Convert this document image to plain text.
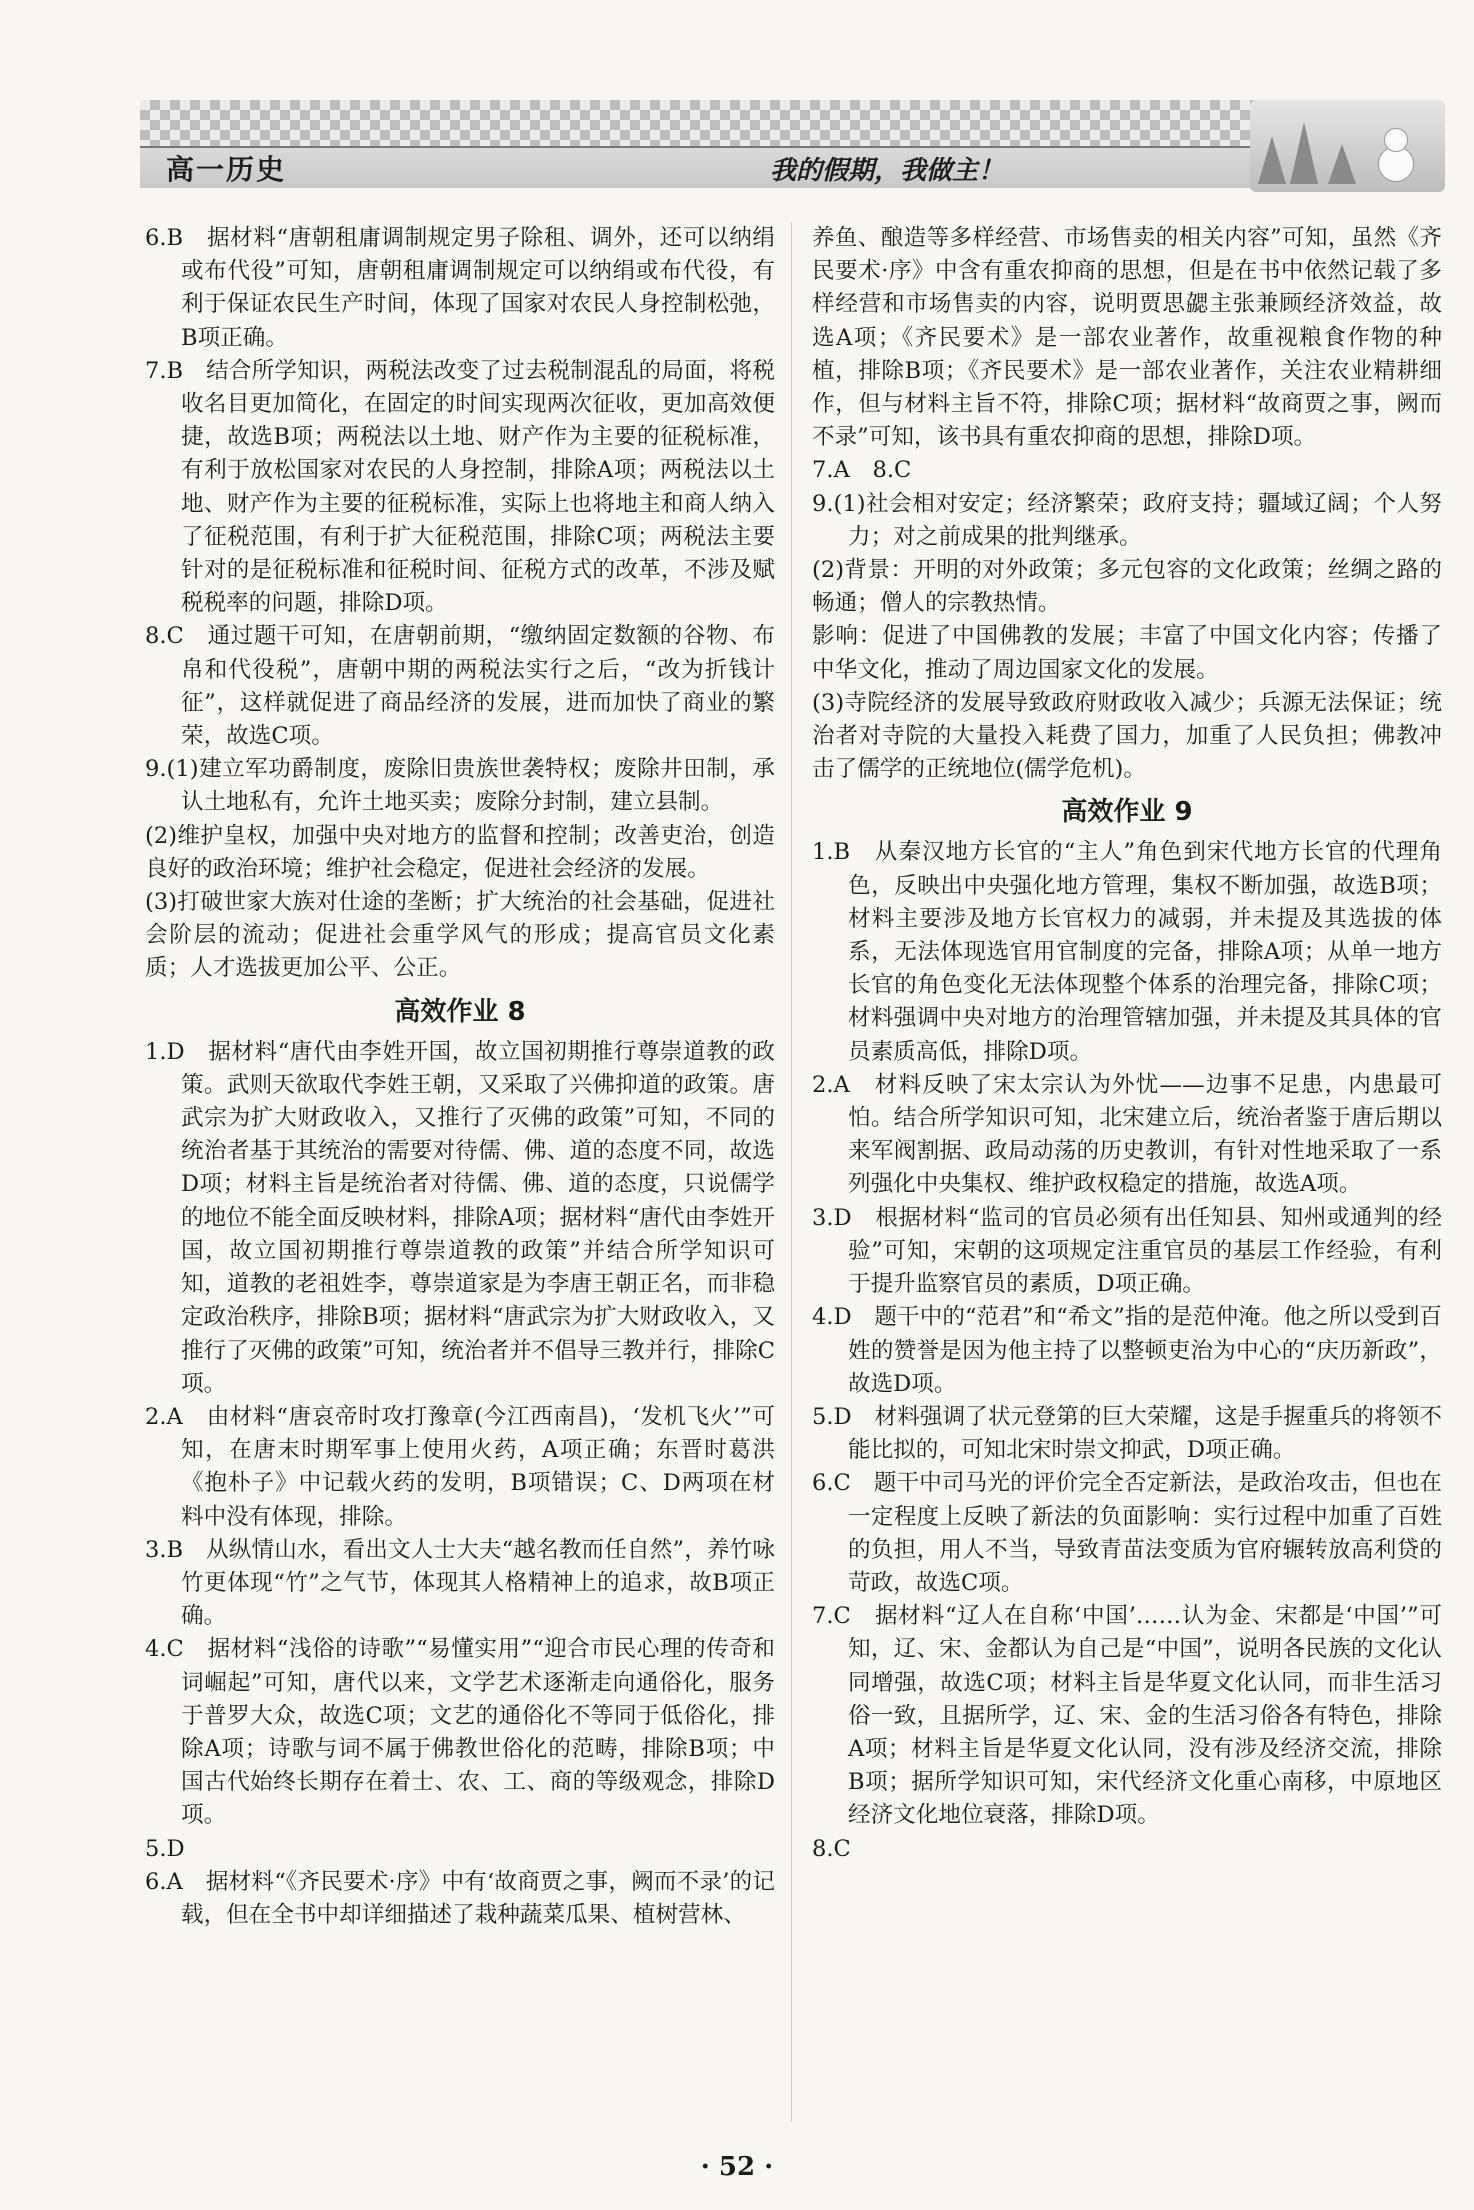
高一历史	我的假期，我做主！

6.B　据材料“唐朝租庸调制规定男子除租、调外，还可以纳绢或布代役”可知，唐朝租庸调制规定可以纳绢或布代役，有利于保证农民生产时间，体现了国家对农民人身控制松弛，B项正确。

7.B　结合所学知识，两税法改变了过去税制混乱的局面，将税收名目更加简化，在固定的时间实现两次征收，更加高效便捷，故选B项；两税法以土地、财产作为主要的征税标准，有利于放松国家对农民的人身控制，排除A项；两税法以土地、财产作为主要的征税标准，实际上也将地主和商人纳入了征税范围，有利于扩大征税范围，排除C项；两税法主要针对的是征税标准和征税时间、征税方式的改革，不涉及赋税税率的问题，排除D项。

8.C　通过题干可知，在唐朝前期，“缴纳固定数额的谷物、布帛和代役税”，唐朝中期的两税法实行之后，“改为折钱计征”，这样就促进了商品经济的发展，进而加快了商业的繁荣，故选C项。

9.(1)建立军功爵制度，废除旧贵族世袭特权；废除井田制，承认土地私有，允许土地买卖；废除分封制，建立县制。

(2)维护皇权，加强中央对地方的监督和控制；改善吏治，创造良好的政治环境；维护社会稳定，促进社会经济的发展。

(3)打破世家大族对仕途的垄断；扩大统治的社会基础，促进社会阶层的流动；促进社会重学风气的形成；提高官员文化素质；人才选拔更加公平、公正。

高效作业 8

1.D　据材料“唐代由李姓开国，故立国初期推行尊崇道教的政策。武则天欲取代李姓王朝，又采取了兴佛抑道的政策。唐武宗为扩大财政收入，又推行了灭佛的政策”可知，不同的统治者基于其统治的需要对待儒、佛、道的态度不同，故选D项；材料主旨是统治者对待儒、佛、道的态度，只说儒学的地位不能全面反映材料，排除A项；据材料“唐代由李姓开国，故立国初期推行尊崇道教的政策”并结合所学知识可知，道教的老祖姓李，尊崇道家是为李唐王朝正名，而非稳定政治秩序，排除B项；据材料“唐武宗为扩大财政收入，又推行了灭佛的政策”可知，统治者并不倡导三教并行，排除C项。

2.A　由材料“唐哀帝时攻打豫章(今江西南昌)，‘发机飞火’”可知，在唐末时期军事上使用火药，A项正确；东晋时葛洪《抱朴子》中记载火药的发明，B项错误；C、D两项在材料中没有体现，排除。

3.B　从纵情山水，看出文人士大夫“越名教而任自然”，养竹咏竹更体现“竹”之气节，体现其人格精神上的追求，故B项正确。

4.C　据材料“浅俗的诗歌”“易懂实用”“迎合市民心理的传奇和词崛起”可知，唐代以来，文学艺术逐渐走向通俗化，服务于普罗大众，故选C项；文艺的通俗化不等同于低俗化，排除A项；诗歌与词不属于佛教世俗化的范畴，排除B项；中国古代始终长期存在着士、农、工、商的等级观念，排除D项。

5.D

6.A　据材料“《齐民要术·序》中有‘故商贾之事，阙而不录’的记载，但在全书中却详细描述了栽种蔬菜瓜果、植树营林、

养鱼、酿造等多样经营、市场售卖的相关内容”可知，虽然《齐民要术·序》中含有重农抑商的思想，但是在书中依然记载了多样经营和市场售卖的内容，说明贾思勰主张兼顾经济效益，故选A项；《齐民要术》是一部农业著作，故重视粮食作物的种植，排除B项；《齐民要术》是一部农业著作，关注农业精耕细作，但与材料主旨不符，排除C项；据材料“故商贾之事，阙而不录”可知，该书具有重农抑商的思想，排除D项。

7.A　8.C

9.(1)社会相对安定；经济繁荣；政府支持；疆域辽阔；个人努力；对之前成果的批判继承。

(2)背景：开明的对外政策；多元包容的文化政策；丝绸之路的畅通；僧人的宗教热情。

影响：促进了中国佛教的发展；丰富了中国文化内容；传播了中华文化，推动了周边国家文化的发展。

(3)寺院经济的发展导致政府财政收入减少；兵源无法保证；统治者对寺院的大量投入耗费了国力，加重了人民负担；佛教冲击了儒学的正统地位(儒学危机)。

高效作业 9

1.B　从秦汉地方长官的“主人”角色到宋代地方长官的代理角色，反映出中央强化地方管理，集权不断加强，故选B项；材料主要涉及地方长官权力的减弱，并未提及其选拔的体系，无法体现选官用官制度的完备，排除A项；从单一地方长官的角色变化无法体现整个体系的治理完备，排除C项；材料强调中央对地方的治理管辖加强，并未提及其具体的官员素质高低，排除D项。

2.A　材料反映了宋太宗认为外忧——边事不足患，内患最可怕。结合所学知识可知，北宋建立后，统治者鉴于唐后期以来军阀割据、政局动荡的历史教训，有针对性地采取了一系列强化中央集权、维护政权稳定的措施，故选A项。

3.D　根据材料“监司的官员必须有出任知县、知州或通判的经验”可知，宋朝的这项规定注重官员的基层工作经验，有利于提升监察官员的素质，D项正确。

4.D　题干中的“范君”和“希文”指的是范仲淹。他之所以受到百姓的赞誉是因为他主持了以整顿吏治为中心的“庆历新政”，故选D项。

5.D　材料强调了状元登第的巨大荣耀，这是手握重兵的将领不能比拟的，可知北宋时崇文抑武，D项正确。

6.C　题干中司马光的评价完全否定新法，是政治攻击，但也在一定程度上反映了新法的负面影响：实行过程中加重了百姓的负担，用人不当，导致青苗法变质为官府辗转放高利贷的苛政，故选C项。

7.C　据材料“辽人在自称‘中国’……认为金、宋都是‘中国’”可知，辽、宋、金都认为自己是“中国”，说明各民族的文化认同增强，故选C项；材料主旨是华夏文化认同，而非生活习俗一致，且据所学，辽、宋、金的生活习俗各有特色，排除A项；材料主旨是华夏文化认同，没有涉及经济交流，排除B项；据所学知识可知，宋代经济文化重心南移，中原地区经济文化地位衰落，排除D项。

8.C

· 52 ·
